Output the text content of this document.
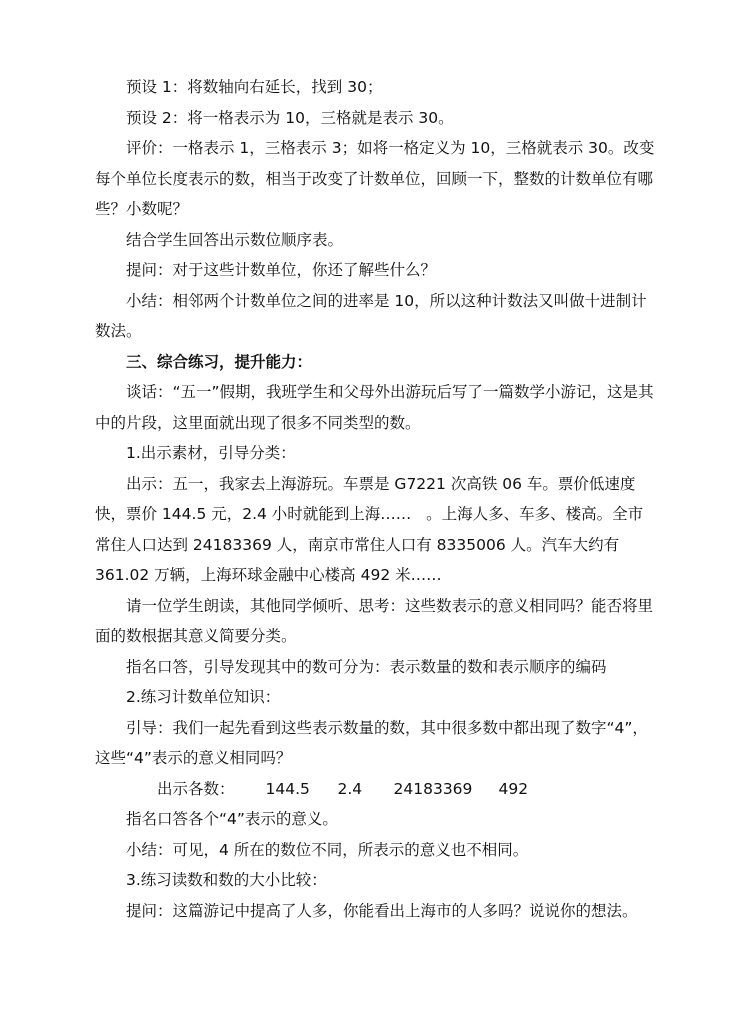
预设 1：将数轴向右延长，找到 30；

预设 2：将一格表示为 10，三格就是表示 30。

评价：一格表示 1，三格表示 3；如将一格定义为 10，三格就表示 30。改变每个单位长度表示的数，相当于改变了计数单位，回顾一下，整数的计数单位有哪些？小数呢？

结合学生回答出示数位顺序表。

提问：对于这些计数单位，你还了解些什么？

小结：相邻两个计数单位之间的进率是 10，所以这种计数法又叫做十进制计数法。

三、综合练习，提升能力：

谈话：“五一”假期，我班学生和父母外出游玩后写了一篇数学小游记，这是其中的片段，这里面就出现了很多不同类型的数。

1.出示素材，引导分类：

出示：五一，我家去上海游玩。车票是 G7221 次高铁 06 车。票价低速度快，票价 144.5 元，2.4 小时就能到上海……   。上海人多、车多、楼高。全市常住人口达到 24183369 人，南京市常住人口有 8335006 人。汽车大约有 361.02 万辆，上海环球金融中心楼高 492 米……

请一位学生朗读，其他同学倾听、思考：这些数表示的意义相同吗？能否将里面的数根据其意义简要分类。

指名口答，引导发现其中的数可分为：表示数量的数和表示顺序的编码

2.练习计数单位知识：

引导：我们一起先看到这些表示数量的数，其中很多数中都出现了数字“4”，这些“4”表示的意义相同吗？

出示各数： 144.5 2.4 24183369 492

指名口答各个“4”表示的意义。

小结：可见，4 所在的数位不同，所表示的意义也不相同。

3.练习读数和数的大小比较：

提问：这篇游记中提高了人多，你能看出上海市的人多吗？说说你的想法。
